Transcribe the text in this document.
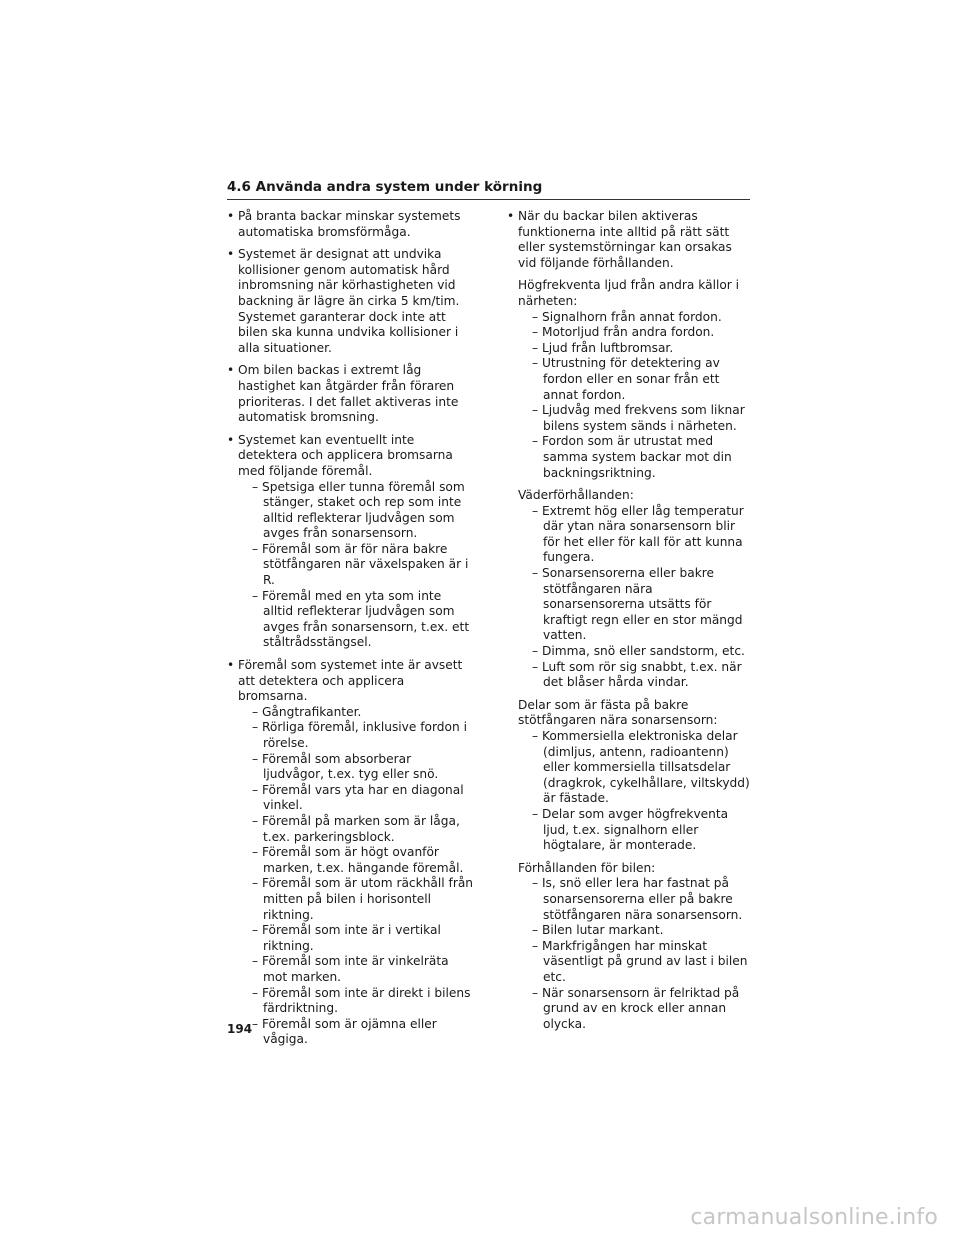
4.6 Använda andra system under körning
• På branta backar minskar systemets automatiska bromsförmåga.
• Systemet är designat att undvika kollisioner genom automatisk hård inbromsning när körhastigheten vid backning är lägre än cirka 5 km/tim. Systemet garanterar dock inte att bilen ska kunna undvika kollisioner i alla situationer.
• Om bilen backas i extremt låg hastighet kan åtgärder från föraren prioriteras. I det fallet aktiveras inte automatisk bromsning.
• Systemet kan eventuellt inte detektera och applicera bromsarna med följande föremål.
– Spetsiga eller tunna föremål som stänger, staket och rep som inte alltid reflekterar ljudvågen som avges från sonarsensorn.
– Föremål som är för nära bakre stötfångaren när växelspaken är i R.
– Föremål med en yta som inte alltid reflekterar ljudvågen som avges från sonarsensorn, t.ex. ett ståltrådsstängsel.
• Föremål som systemet inte är avsett att detektera och applicera bromsarna.
– Gångtrafikanter.
– Rörliga föremål, inklusive fordon i rörelse.
– Föremål som absorberar ljudvågor, t.ex. tyg eller snö.
– Föremål vars yta har en diagonal vinkel.
– Föremål på marken som är låga, t.ex. parkeringsblock.
– Föremål som är högt ovanför marken, t.ex. hängande föremål.
– Föremål som är utom räckhåll från mitten på bilen i horisontell riktning.
– Föremål som inte är i vertikal riktning.
– Föremål som inte är vinkelräta mot marken.
– Föremål som inte är direkt i bilens färdriktning.
– Föremål som är ojämna eller vågiga.
• När du backar bilen aktiveras funktionerna inte alltid på rätt sätt eller systemstörningar kan orsakas vid följande förhållanden.
Högfrekventa ljud från andra källor i närheten:
– Signalhorn från annat fordon.
– Motorljud från andra fordon.
– Ljud från luftbromsar.
– Utrustning för detektering av fordon eller en sonar från ett annat fordon.
– Ljudvåg med frekvens som liknar bilens system sänds i närheten.
– Fordon som är utrustat med samma system backar mot din backningsriktning.
Väderförhållanden:
– Extremt hög eller låg temperatur där ytan nära sonarsensorn blir för het eller för kall för att kunna fungera.
– Sonarsensorerna eller bakre stötfångaren nära sonarsensorerna utsätts för kraftigt regn eller en stor mängd vatten.
– Dimma, snö eller sandstorm, etc.
– Luft som rör sig snabbt, t.ex. när det blåser hårda vindar.
Delar som är fästa på bakre stötfångaren nära sonarsensorn:
– Kommersiella elektroniska delar (dimljus, antenn, radioantenn) eller kommersiella tillsatsdelar (dragkrok, cykelhållare, viltskydd) är fästade.
– Delar som avger högfrekventa ljud, t.ex. signalhorn eller högtalare, är monterade.
Förhållanden för bilen:
– Is, snö eller lera har fastnat på sonarsensorerna eller på bakre stötfångaren nära sonarsensorn.
– Bilen lutar markant.
– Markfrigången har minskat väsentligt på grund av last i bilen etc.
– När sonarsensorn är felriktad på grund av en krock eller annan olycka.
194
carmanualsonline.info
